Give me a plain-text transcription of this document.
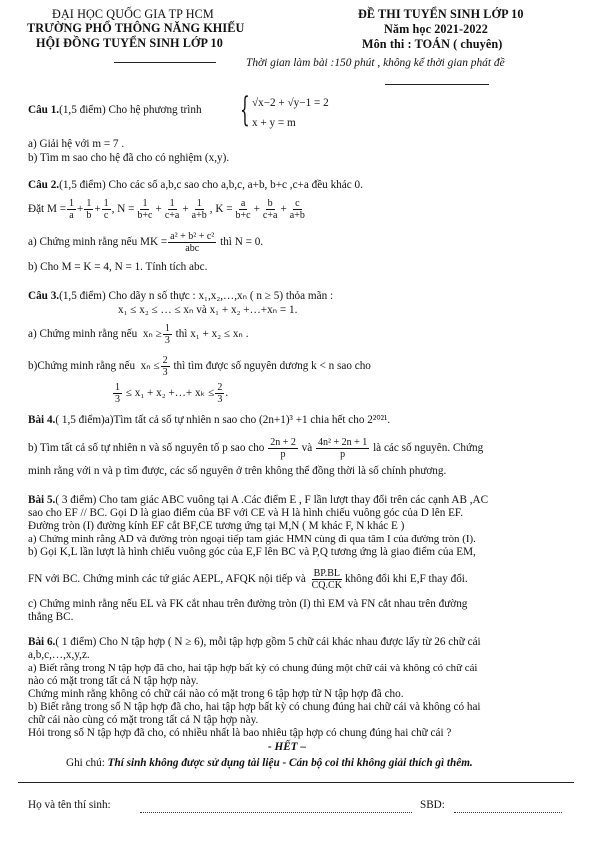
ĐẠI HỌC QUỐC GIA TP HCM
TRƯỜNG PHỔ THÔNG NĂNG KHIẾU
HỘI ĐỒNG TUYỂN SINH LỚP 10
ĐỀ THI TUYỂN SINH LỚP 10
Năm học 2021-2022
Môn thi : TOÁN ( chuyên)
Thời gian làm bài :150 phút , không kể thời gian phát đề
Câu 1.(1,5 điểm) Cho hệ phương trình { √x−2 + √y−1 = 2
x + y = m
a) Giải hệ với m = 7 .
b) Tìm m sao cho hệ đã cho có nghiệm (x,y).
Câu 2.(1,5 điểm) Cho các số a,b,c sao cho a,b,c, a+b, b+c ,c+a đều khác 0.
Đặt $M = \frac{1}{a} + \frac{1}{b} + \frac{1}{c}$ , $N = \frac{1}{b+c} + \frac{1}{c+a} + \frac{1}{a+b}$ , $K = \frac{a}{b+c} + \frac{b}{c+a} + \frac{c}{a+b}$
a) Chứng minh rằng nếu MK = $\frac{\text{a² + b² + c²}}{\text{abc}}$
thì N = 0.
b) Cho M = K = 4, N = 1. Tính tích abc.
Câu 3.(1,5 điểm) Cho dãy n số thực : x₁,x₂,…,xₙ ( n ≥ 5) thỏa mãn :
x₁ ≤ x₂ ≤ … ≤ xₙ và x₁ + x₂ +…+xₙ = 1.
a) Chứng minh rằng nếu $x_n \ge \frac{1}{3}$
thì x₁ + x₂ ≤ xₙ .
b)Chứng minh rằng nếu $x_n \le \frac{2}{3}$
thì tìm được số nguyên dương k < n sao cho
$\frac{1}{3} \le x_1 + x_2$ +…+ $x_k \le \frac{2}{3}$ .
Bài 4.( 1,5 điểm)a)Tìm tất cả số tự nhiên n sao cho (2n+1)³ +1 chia hết cho 2²⁰²¹.
b) Tìm tất cả số tự nhiên n và số nguyên tố p sao cho
$\frac{2n + 2}{p}$
và
$\frac{\text{4n² + 2n + 1}}{p}$
là các số nguyên. Chứng
minh rằng với n và p tìm được, các số nguyên ở trên không thể đồng thời là số chính phương.
Bài 5.( 3 điểm) Cho tam giác ABC vuông tại A .Các điểm E , F lần lượt thay đổi trên các cạnh AB ,AC
sao cho EF // BC. Gọi D là giao điểm của BF với CE và H là hình chiếu vuông góc của D lên EF.
Đường tròn (I) đường kính EF cắt BF,CE tương ứng tại M,N ( M khác F, N khác E )
a) Chứng minh rằng AD và đường tròn ngoại tiếp tam giác HMN cùng đi qua tâm I của đường tròn (I).
b) Gọi K,L lần lượt là hình chiếu vuông góc của E,F lên BC và P,Q tương ứng là giao điểm của EM,
FN với BC. Chứng minh các tứ giác AEPL, AFQK nội tiếp và
$\frac{BP.BL}{CQ.CK}$ không đổi khi E,F thay đổi.
c) Chứng minh rằng nếu EL và FK cắt nhau trên đường tròn (I) thì EM và FN cắt nhau trên đường
thẳng BC.
Bài 6.( 1 điểm) Cho N tập hợp ( N ≥ 6), mỗi tập hợp gồm 5 chữ cái khác nhau được lấy từ 26 chữ cái
a,b,c,…,x,y,z.
a) Biết rằng trong N tập hợp đã cho, hai tập hợp bất kỳ có chung đúng một chữ cái và không có chữ cái
nào có mặt trong tất cả N tập hợp này.
Chứng minh rằng không có chữ cái nào có mặt trong 6 tập hợp từ N tập hợp đã cho.
b) Biết rằng trong số N tập hợp đã cho, hai tập hợp bất kỳ có chung đúng hai chữ cái và không có hai
chữ cái nào cùng có mặt trong tất cả N tập hợp này.
Hỏi trong số N tập hợp đã cho, có nhiều nhất là bao nhiêu tập hợp có chung đúng hai chữ cái ?
- HẾT –
Ghi chú: Thí sinh không được sử dụng tài liệu - Cán bộ coi thi không giải thích gì thêm.
Họ và tên thí sinh:	SBD:
